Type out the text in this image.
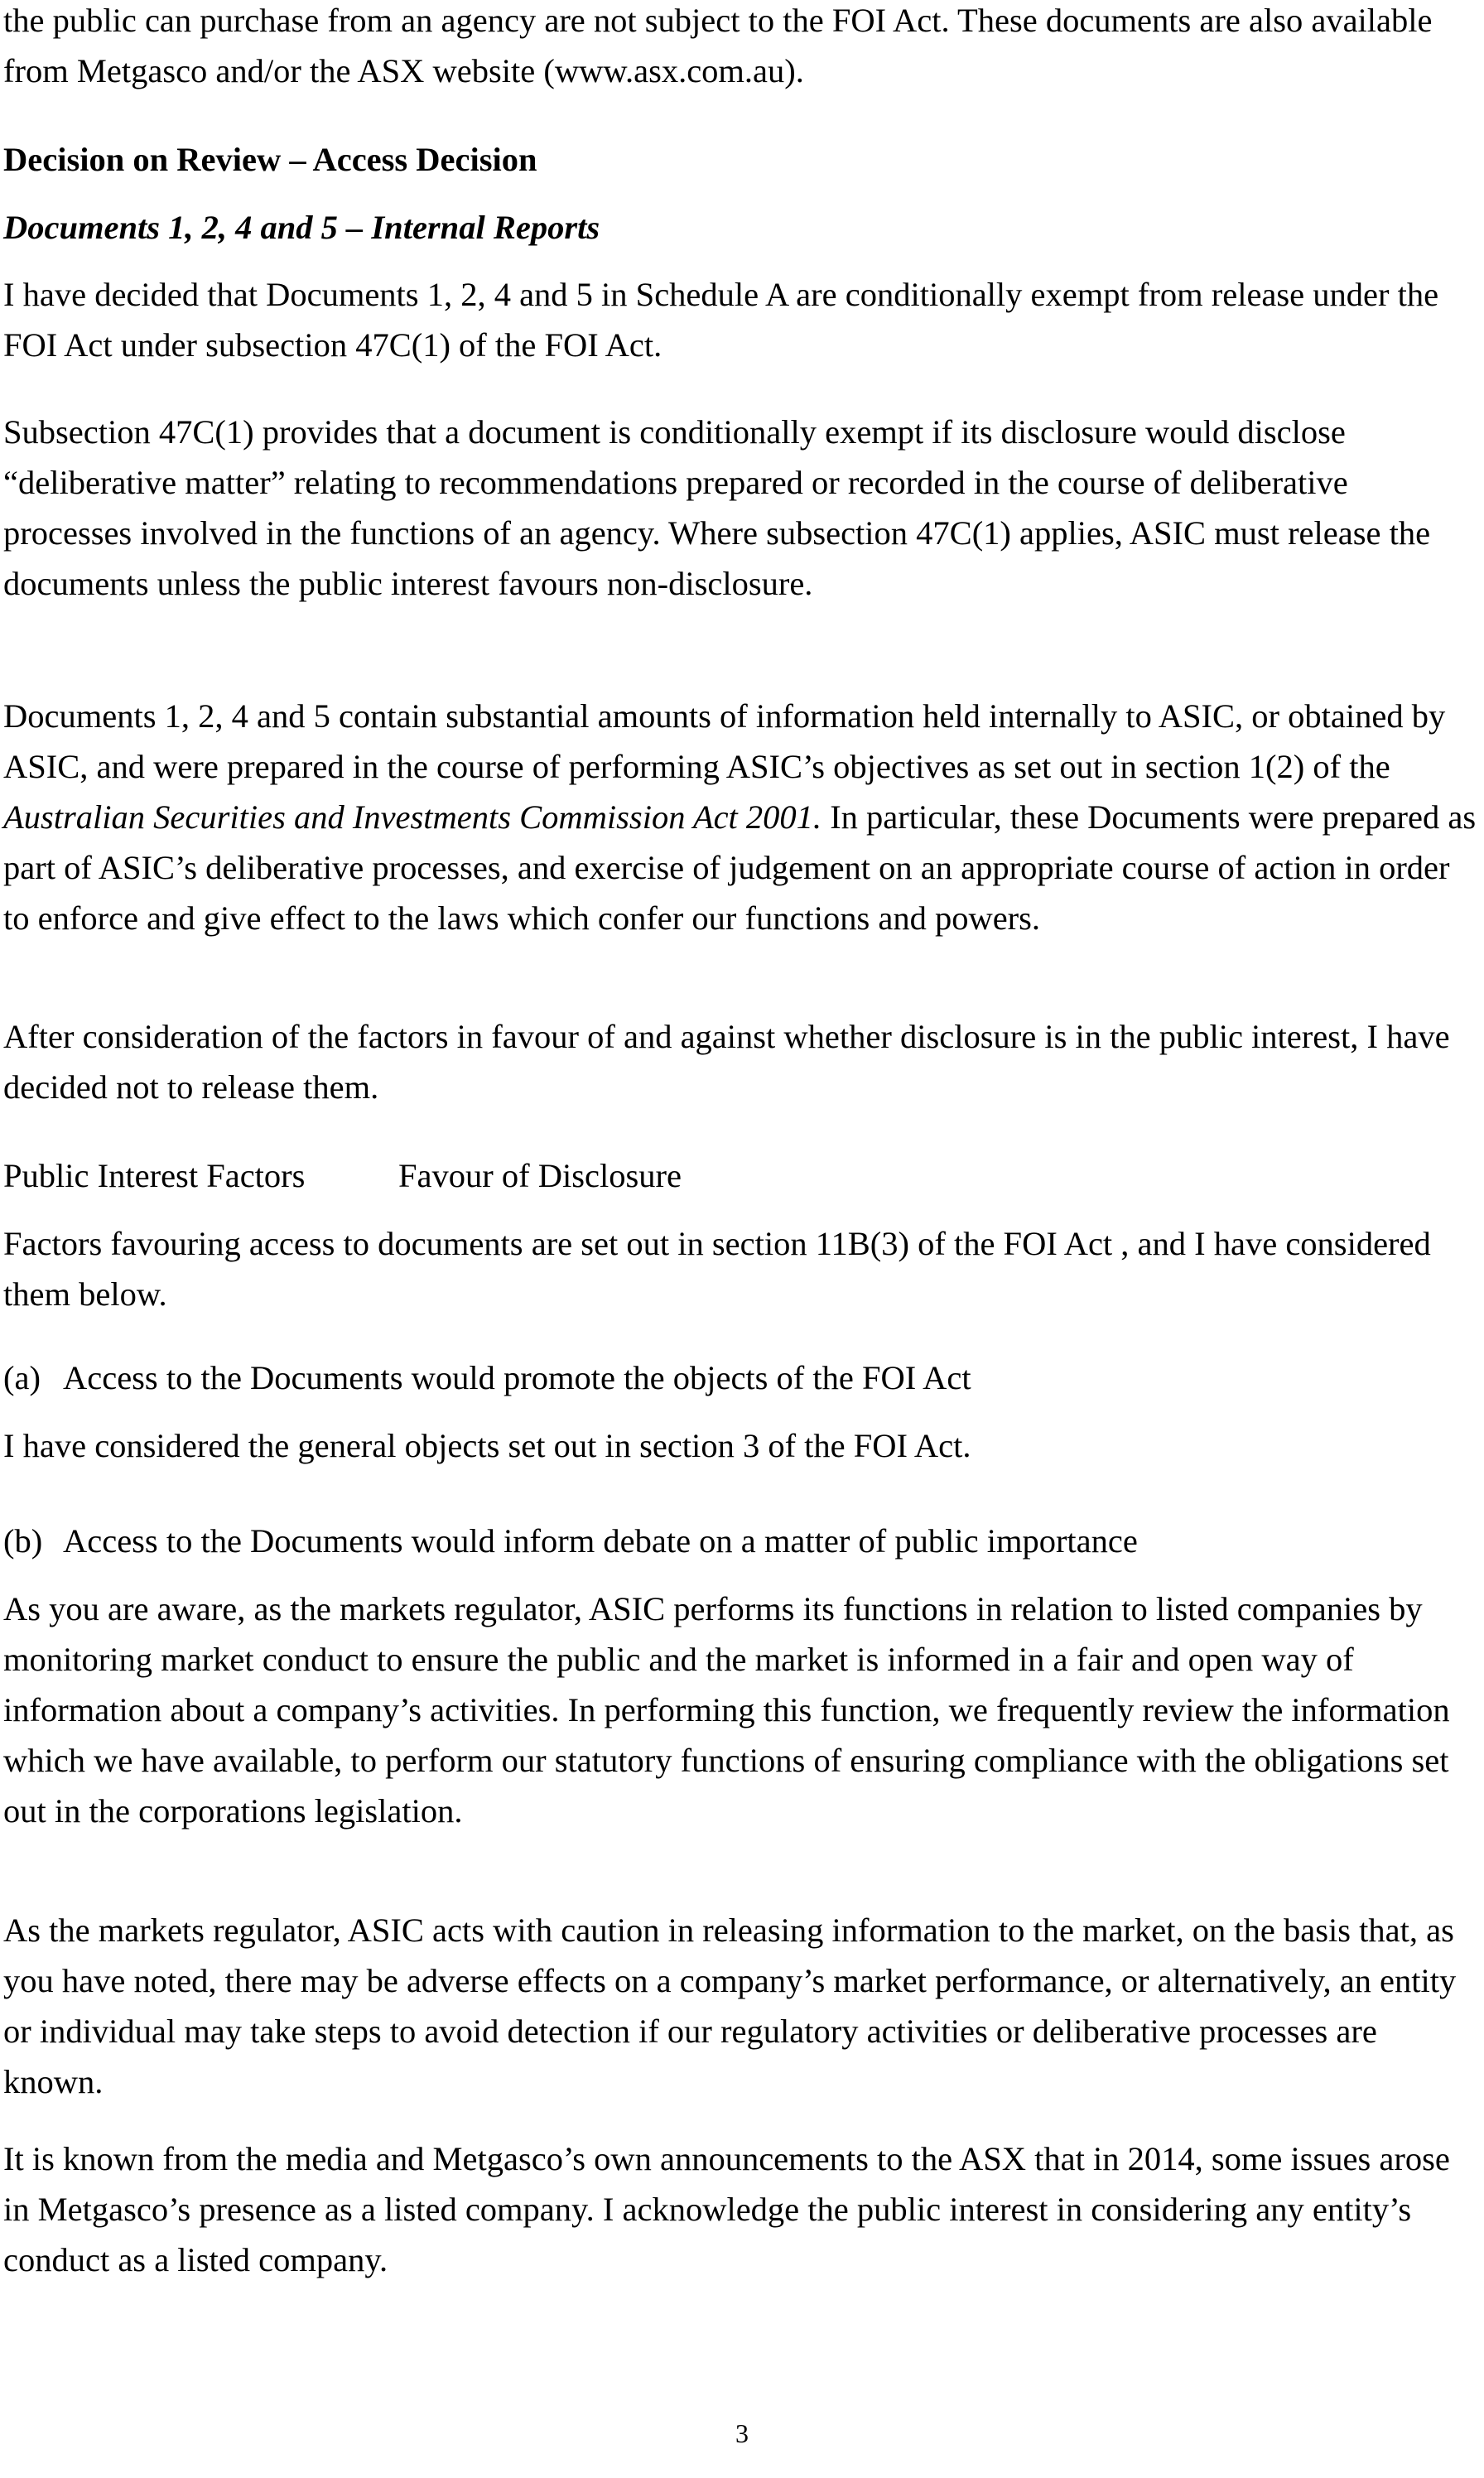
the public can purchase from an agency are not subject to the FOI Act. These documents are also available from Metgasco and/or the ASX website (www.asx.com.au).

Decision on Review – Access Decision
Documents 1, 2, 4 and 5 – Internal Reports

I have decided that Documents 1, 2, 4 and 5 in Schedule A are conditionally exempt from release under the FOI Act under subsection 47C(1) of the FOI Act.

Subsection 47C(1) provides that a document is conditionally exempt if its disclosure would disclose “deliberative matter” relating to recommendations prepared or recorded in the course of deliberative processes involved in the functions of an agency. Where subsection 47C(1) applies, ASIC must release the documents unless the public interest favours non-disclosure.

Documents 1, 2, 4 and 5 contain substantial amounts of information held internally to ASIC, or obtained by ASIC, and were prepared in the course of performing ASIC’s objectives as set out in section 1(2) of the Australian Securities and Investments Commission Act 2001. In particular, these Documents were prepared as part of ASIC’s deliberative processes, and exercise of judgement on an appropriate course of action in order to enforce and give effect to the laws which confer our functions and powers.

After consideration of the factors in favour of and against whether disclosure is in the public interest, I have decided not to release them.

Public Interest Factors	Favour of Disclosure

Factors favouring access to documents are set out in section 11B(3) of the FOI Act , and I have considered them below.

(a) Access to the Documents would promote the objects of the FOI Act

I have considered the general objects set out in section 3 of the FOI Act.

(b) Access to the Documents would inform debate on a matter of public importance

As you are aware, as the markets regulator, ASIC performs its functions in relation to listed companies by monitoring market conduct to ensure the public and the market is informed in a fair and open way of information about a company’s activities. In performing this function, we frequently review the information which we have available, to perform our statutory functions of ensuring compliance with the obligations set out in the corporations legislation.

As the markets regulator, ASIC acts with caution in releasing information to the market, on the basis that, as you have noted, there may be adverse effects on a company’s market performance, or alternatively, an entity or individual may take steps to avoid detection if our regulatory activities or deliberative processes are known.

It is known from the media and Metgasco’s own announcements to the ASX that in 2014, some issues arose in Metgasco’s presence as a listed company. I acknowledge the public interest in considering any entity’s conduct as a listed company.

3
